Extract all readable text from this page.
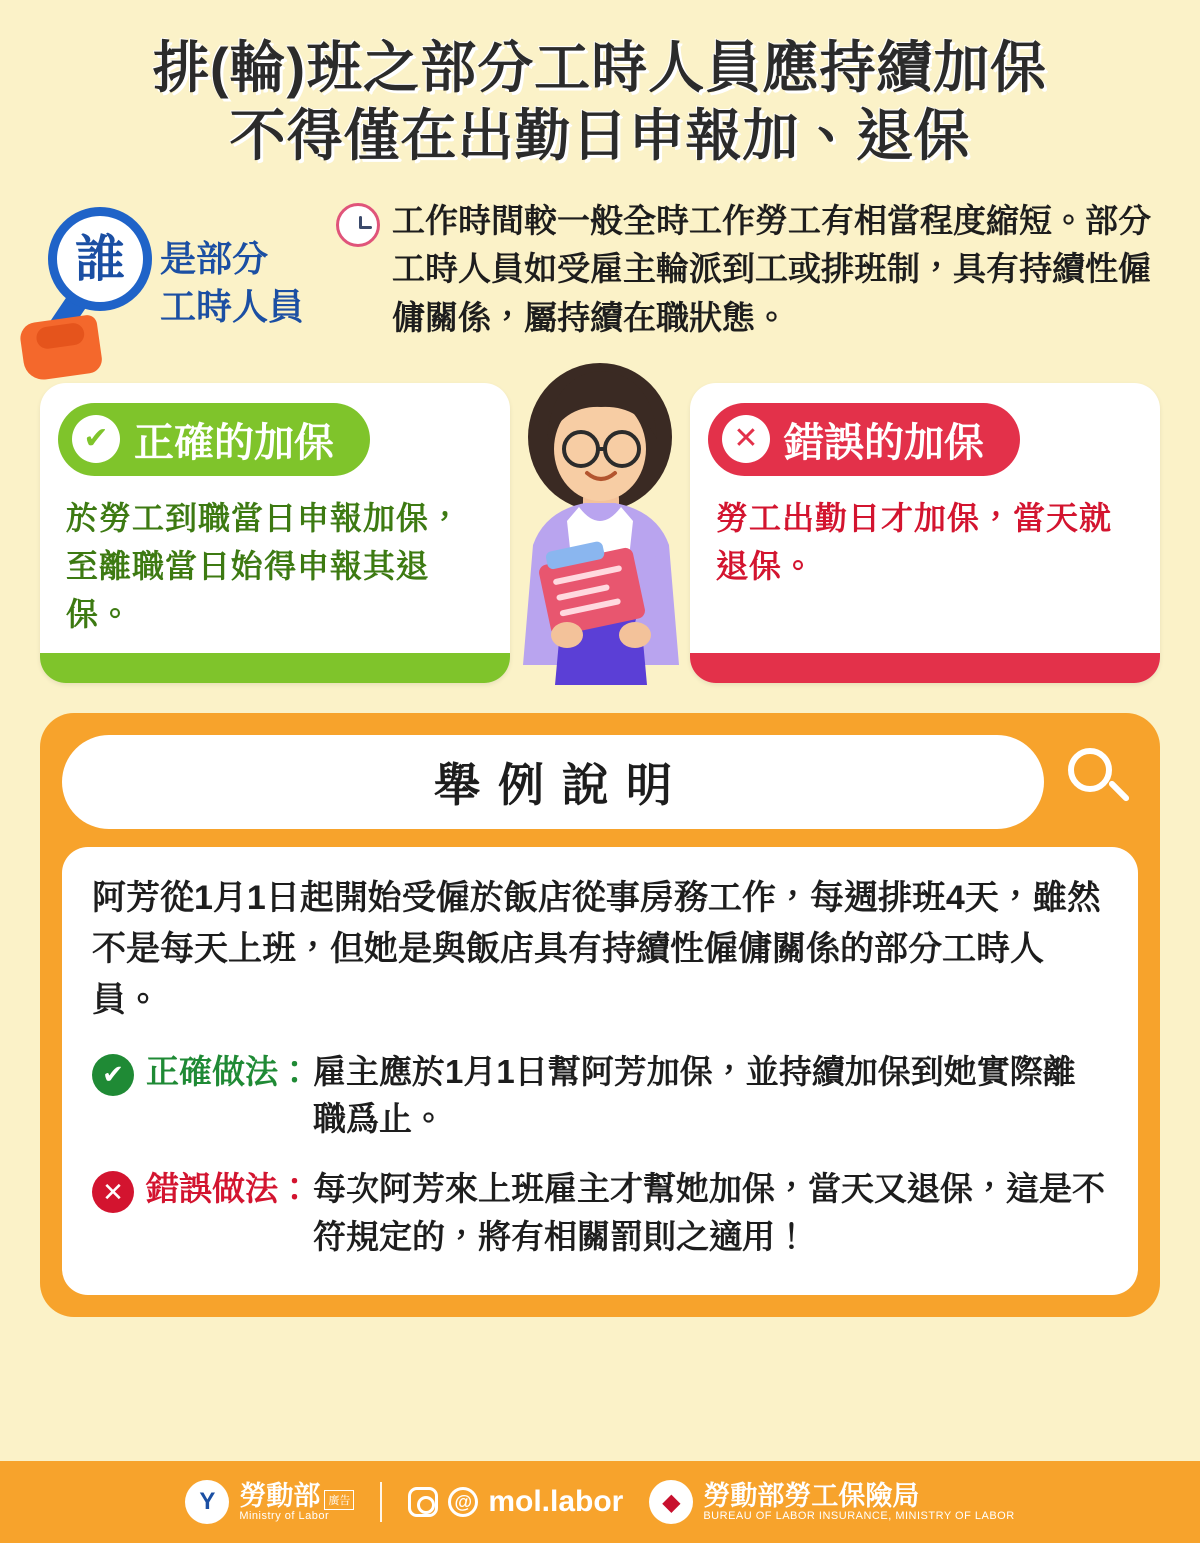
排(輪)班之部分工時人員應持續加保
不得僅在出勤日申報加、退保
誰 是部分
工時人員
工作時間較一般全時工作勞工有相當程度縮短。部分工時人員如受雇主輪派到工或排班制，具有持續性僱傭關係，屬持續在職狀態。
✔ 正確的加保
於勞工到職當日申報加保，至離職當日始得申報其退保。
✕ 錯誤的加保
勞工出勤日才加保，當天就退保。
舉例說明
阿芳從1月1日起開始受僱於飯店從事房務工作，每週排班4天，雖然不是每天上班，但她是與飯店具有持續性僱傭關係的部分工時人員。
✔ 正確做法： 雇主應於1月1日幫阿芳加保，並持續加保到她實際離職爲止。
✕ 錯誤做法： 每次阿芳來上班雇主才幫她加保，當天又退保，這是不符規定的，將有相關罰則之適用！
Y 勞動部 廣告
Ministry of Labor
@ mol.labor	◆ 勞動部勞工保險局
BUREAU OF LABOR INSURANCE, MINISTRY OF LABOR
